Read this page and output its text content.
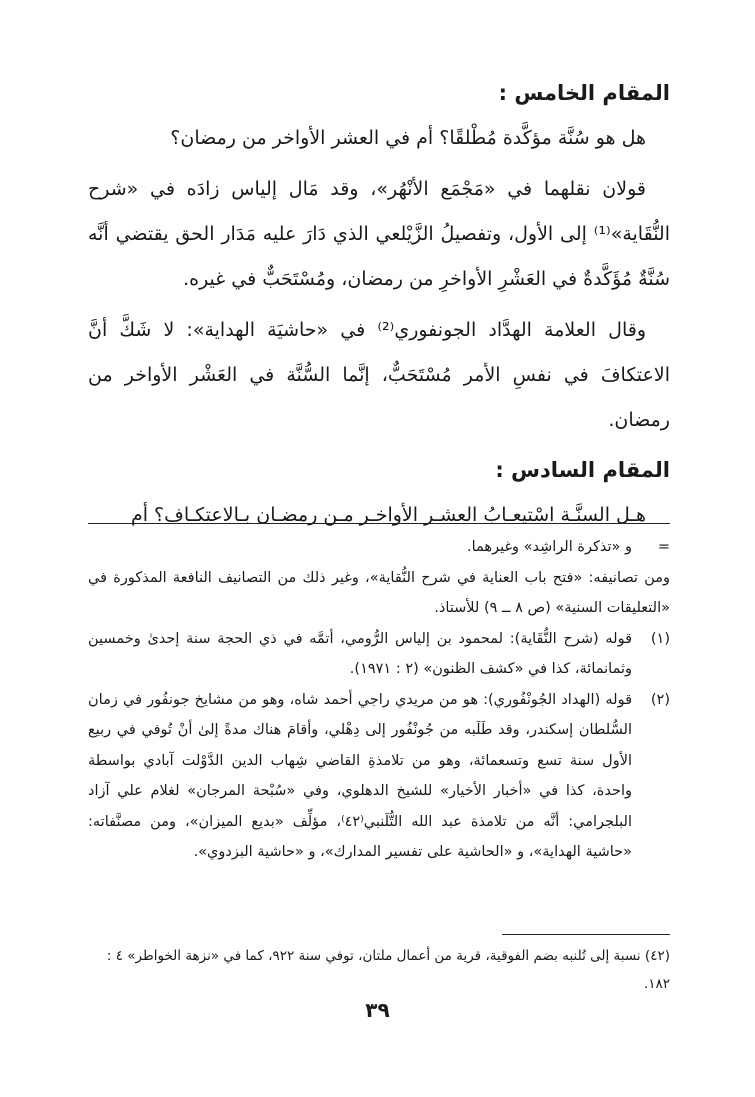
المقام الخامس :

هل هو سُنَّة مؤكَّدة مُطْلقًا؟ أم في العشر الأواخر من رمضان؟

قولان نقلهما في «مَجْمَع الأنْهُر»، وقد مَال إلياس زادَه في «شرح النُّقَاية»⁽¹⁾ إلى الأول، وتفصيلُ الزَّيْلعي الذي دَارَ عليه مَدَار الحق يقتضي أنَّه سُنَّةٌ مُؤَكَّدةٌ في العَشْرِ الأواخرِ من رمضان، ومُسْتَحَبٌّ في غيره.

وقال العلامة الهدَّاد الجونفوري⁽²⁾ في «حاشيَة الهداية»: لا شَكَّ أنَّ الاعتكافَ في نفسِ الأمر مُسْتَحَبٌّ، إنَّما السُّنَّة في العَشْر الأواخر من رمضان.

المقام السادس :

هـل السنَّـة اسْتيعـابُ العشـر الأواخـر مـن رمضـان بـالاعتكـاف؟ أم

=
و «تذكرة الراشِد» وغيرهما.

ومن تصانيفه: «فتح باب العناية في شرح النُّقاية»، وغير ذلك من التصانيف النافعة المذكورة في «التعليقات السنية» (ص ٨ ــ ٩) للأستاذ.

(١)
قوله (شرح النُّقَاية): لمحمود بن إلياس الرُّومي، أتمَّه في ذي الحجة سنة إحدىٰ وخمسين وثمانمائة، كذا في «كشف الظنون» (٢ : ١٩٧١).

(٢)
قوله (الهداد الجُونْفُوري): هو من مريدي راجي أحمد شاه، وهو من مشايخ جونفُور في زمان السُّلطان إسكندر، وقد طَلَبه من جُونْفُور إلى دِهْلي، وأقامَ هناك مدةً إلىٰ أنْ تُوفي في ربيع الأول سنة تسع وتسعمائة، وهو من تلامذةِ القاضي شِهاب الدين الدَّوْلت آبادي بواسطة واحدة، كذا في «أخبار الأخيار» للشيخ الدهلوي، وفي «سُبْحة المرجان» لغلام علي آزاد البلجرامي: أنَّه من تلامذة عبد الله التُّلَنبي⁽٤٢⁾، مؤلِّف «بديع الميزان»، ومن مصنَّفاته: «حاشية الهداية»، و «الحاشية على تفسير المدارك»، و «حاشية البزدوي».

(٤٢) نسبة إلى تُلنبه بضم الفوقية، قرية من أعمال ملتان، توفي سنة ٩٢٢، كما في «نزهة الخواطر» ٤ : ١٨٢.

٣٩
